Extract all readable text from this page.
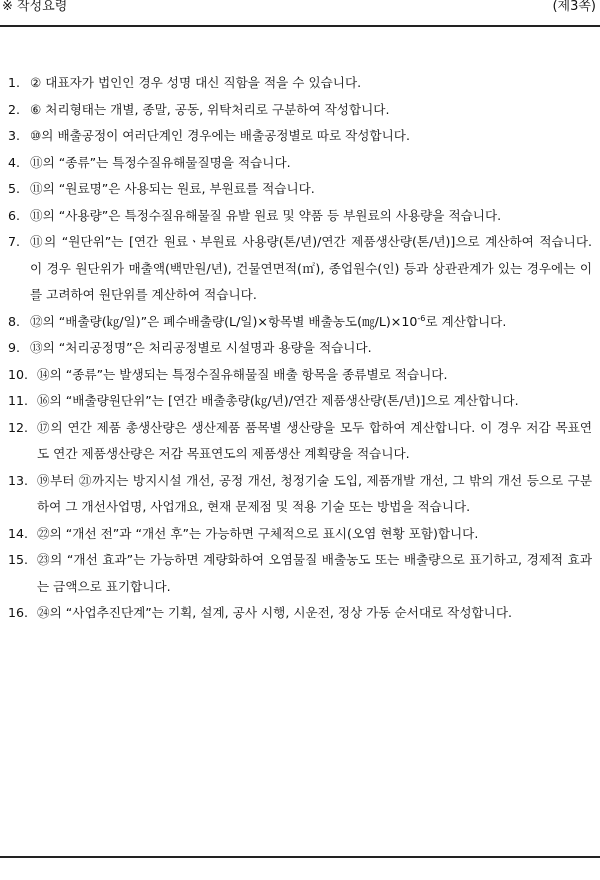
※ 작성요령	(제3쪽)
1. ② 대표자가 법인인 경우 성명 대신 직함을 적을 수 있습니다.
2. ⑥ 처리형태는 개별, 종말, 공동, 위탁처리로 구분하여 작성합니다.
3. ⑩의 배출공정이 여러단계인 경우에는 배출공정별로 따로 작성합니다.
4. ⑪의 “종류”는 특정수질유해물질명을 적습니다.
5. ⑪의 “원료명”은 사용되는 원료, 부원료를 적습니다.
6. ⑪의 “사용량”은 특정수질유해물질 유발 원료 및 약품 등 부원료의 사용량을 적습니다.
7. ⑪의 “원단위”는 [연간 원료ㆍ부원료 사용량(톤/년)/연간 제품생산량(톤/년)]으로 계산하여 적습니다. 이 경우 원단위가 매출액(백만원/년), 건물연면적(㎡), 종업원수(인) 등과 상관관계가 있는 경우에는 이를 고려하여 원단위를 계산하여 적습니다.
8. ⑫의 “배출량(㎏/일)”은 폐수배출량(L/일)×항목별 배출농도$(㎎/L)\times 10^{-6}$로 계산합니다.
9. ⑬의 “처리공정명”은 처리공정별로 시설명과 용량을 적습니다.
10. ⑭의 “종류”는 발생되는 특정수질유해물질 배출 항목을 종류별로 적습니다.
11. ⑯의 “배출량원단위”는 [연간 배출총량(㎏/년)/연간 제품생산량(톤/년)]으로 계산합니다.
12. ⑰의 연간 제품 총생산량은 생산제품 품목별 생산량을 모두 합하여 계산합니다. 이 경우 저감 목표연도 연간 제품생산량은 저감 목표연도의 제품생산 계획량을 적습니다.
13. ⑲부터 ㉑까지는 방지시설 개선, 공정 개선, 청정기술 도입, 제품개발 개선, 그 밖의 개선 등으로 구분하여 그 개선사업명, 사업개요, 현재 문제점 및 적용 기술 또는 방법을 적습니다.
14. ㉒의 “개선 전”과 “개선 후”는 가능하면 구체적으로 표시(오염 현황 포함)합니다.
15. ㉓의 “개선 효과”는 가능하면 계량화하여 오염물질 배출농도 또는 배출량으로 표기하고, 경제적 효과는 금액으로 표기합니다.
16. ㉔의 “사업추진단계”는 기획, 설계, 공사 시행, 시운전, 정상 가동 순서대로 작성합니다.
